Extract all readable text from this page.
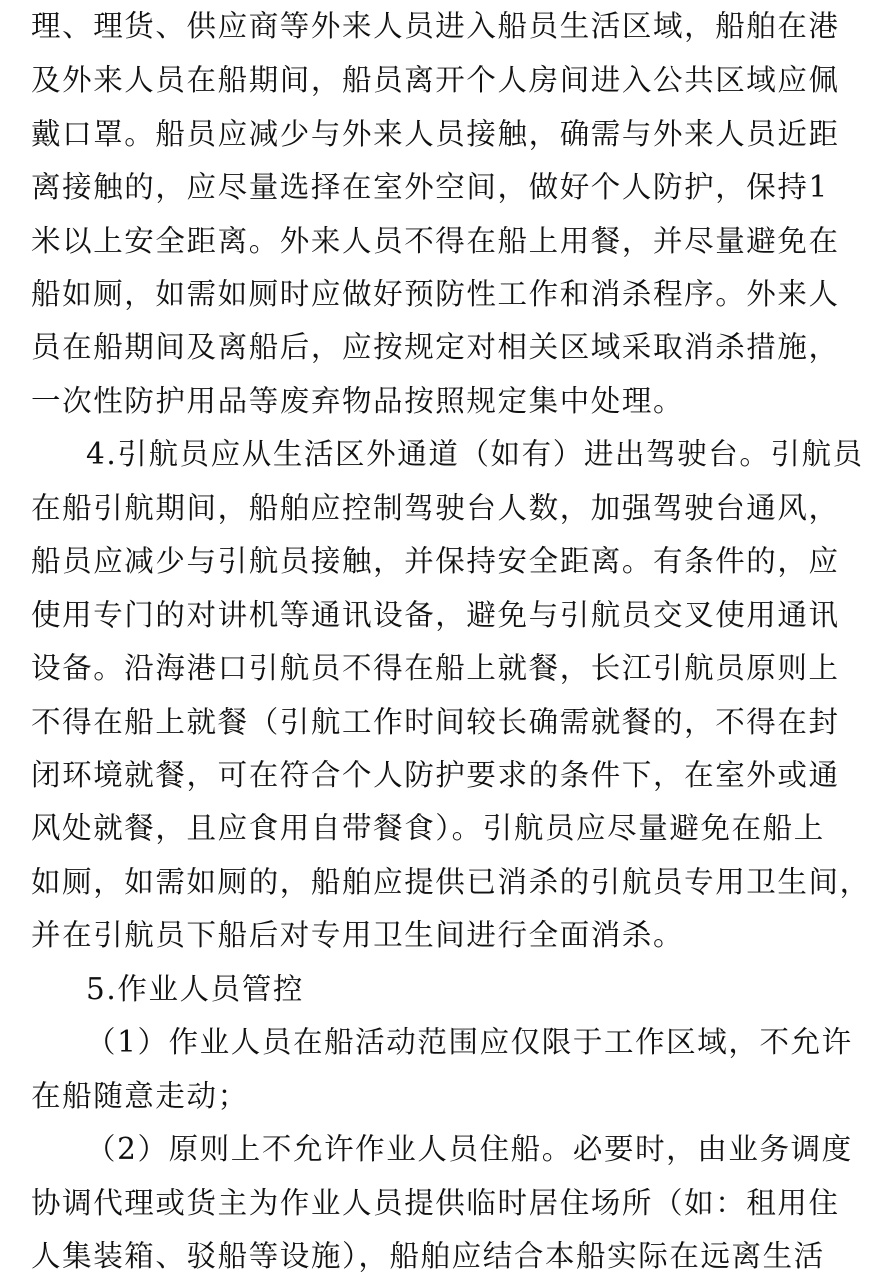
理、理货、供应商等外来人员进入船员生活区域，船舶在港
及外来人员在船期间，船员离开个人房间进入公共区域应佩
戴口罩。船员应减少与外来人员接触，确需与外来人员近距
离接触的，应尽量选择在室外空间，做好个人防护，保持1
米以上安全距离。外来人员不得在船上用餐，并尽量避免在
船如厕，如需如厕时应做好预防性工作和消杀程序。外来人
员在船期间及离船后，应按规定对相关区域采取消杀措施，
一次性防护用品等废弃物品按照规定集中处理。
4.引航员应从生活区外通道（如有）进出驾驶台。引航员
在船引航期间，船舶应控制驾驶台人数，加强驾驶台通风，
船员应减少与引航员接触，并保持安全距离。有条件的，应
使用专门的对讲机等通讯设备，避免与引航员交叉使用通讯
设备。沿海港口引航员不得在船上就餐，长江引航员原则上
不得在船上就餐（引航工作时间较长确需就餐的，不得在封
闭环境就餐，可在符合个人防护要求的条件下，在室外或通
风处就餐，且应食用自带餐食）。引航员应尽量避免在船上
如厕，如需如厕的，船舶应提供已消杀的引航员专用卫生间，
并在引航员下船后对专用卫生间进行全面消杀。
5.作业人员管控
（1）作业人员在船活动范围应仅限于工作区域，不允许
在船随意走动；
（2）原则上不允许作业人员住船。必要时，由业务调度
协调代理或货主为作业人员提供临时居住场所（如：租用住
人集装箱、驳船等设施），船舶应结合本船实际在远离生活
